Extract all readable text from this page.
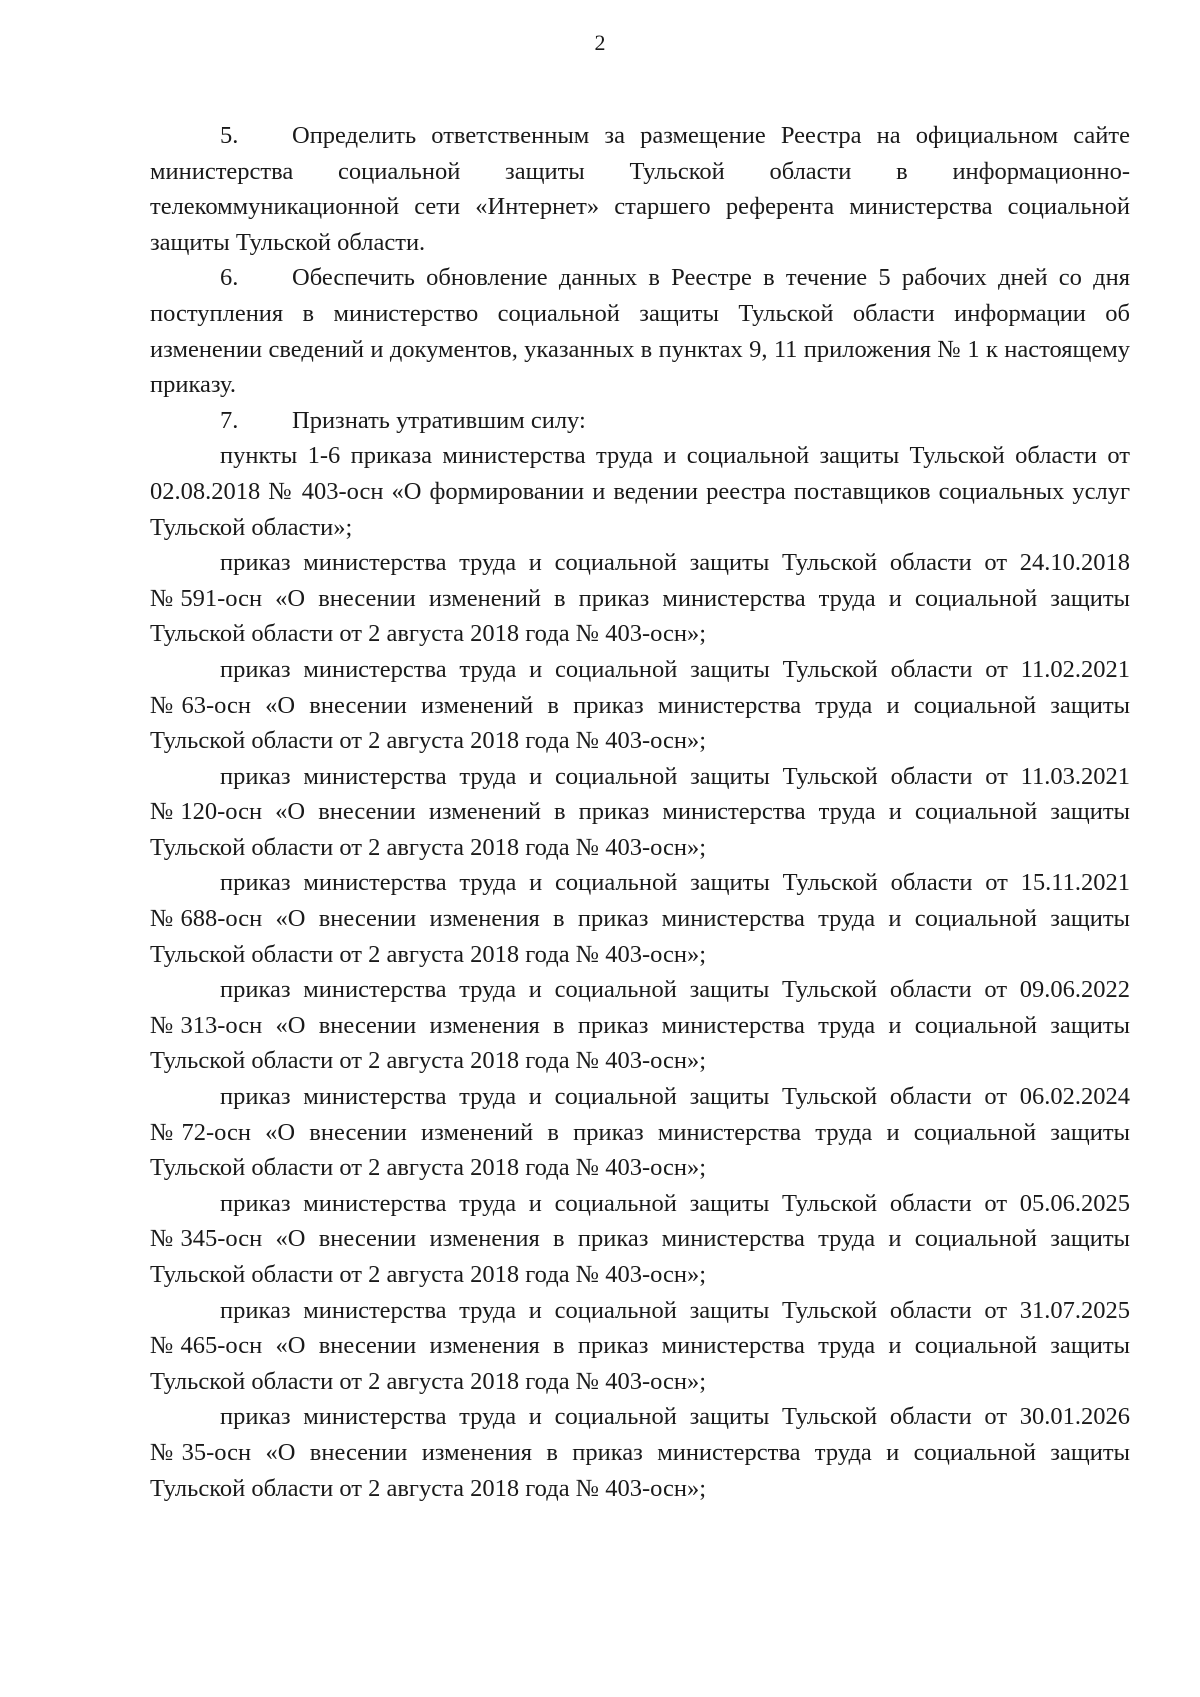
2

5. Определить ответственным за размещение Реестра на официальном сайте министерства социальной защиты Тульской области в информационно-телекоммуникационной сети «Интернет» старшего референта министерства социальной защиты Тульской области.

6. Обеспечить обновление данных в Реестре в течение 5 рабочих дней со дня поступления в министерство социальной защиты Тульской области информации об изменении сведений и документов, указанных в пунктах 9, 11 приложения № 1 к настоящему приказу.

7. Признать утратившим силу:

пункты 1-6 приказа министерства труда и социальной защиты Тульской области от 02.08.2018 № 403-осн «О формировании и ведении реестра поставщиков социальных услуг Тульской области»;

приказ министерства труда и социальной защиты Тульской области от 24.10.2018 №591-осн «О внесении изменений в приказ министерства труда и социальной защиты Тульской области от 2 августа 2018 года № 403-осн»;

приказ министерства труда и социальной защиты Тульской области от 11.02.2021 №63-осн «О внесении изменений в приказ министерства труда и социальной защиты Тульской области от 2 августа 2018 года № 403-осн»;

приказ министерства труда и социальной защиты Тульской области от 11.03.2021 №120-осн «О внесении изменений в приказ министерства труда и социальной защиты Тульской области от 2 августа 2018 года № 403-осн»;

приказ министерства труда и социальной защиты Тульской области от 15.11.2021 №688-осн «О внесении изменения в приказ министерства труда и социальной защиты Тульской области от 2 августа 2018 года № 403-осн»;

приказ министерства труда и социальной защиты Тульской области от 09.06.2022 №313-осн «О внесении изменения в приказ министерства труда и социальной защиты Тульской области от 2 августа 2018 года № 403-осн»;

приказ министерства труда и социальной защиты Тульской области от 06.02.2024 №72-осн «О внесении изменений в приказ министерства труда и социальной защиты Тульской области от 2 августа 2018 года № 403-осн»;

приказ министерства труда и социальной защиты Тульской области от 05.06.2025 №345-осн «О внесении изменения в приказ министерства труда и социальной защиты Тульской области от 2 августа 2018 года № 403-осн»;

приказ министерства труда и социальной защиты Тульской области от 31.07.2025 №465-осн «О внесении изменения в приказ министерства труда и социальной защиты Тульской области от 2 августа 2018 года № 403-осн»;

приказ министерства труда и социальной защиты Тульской области от 30.01.2026 №35-осн «О внесении изменения в приказ министерства труда и социальной защиты Тульской области от 2 августа 2018 года № 403-осн»;
